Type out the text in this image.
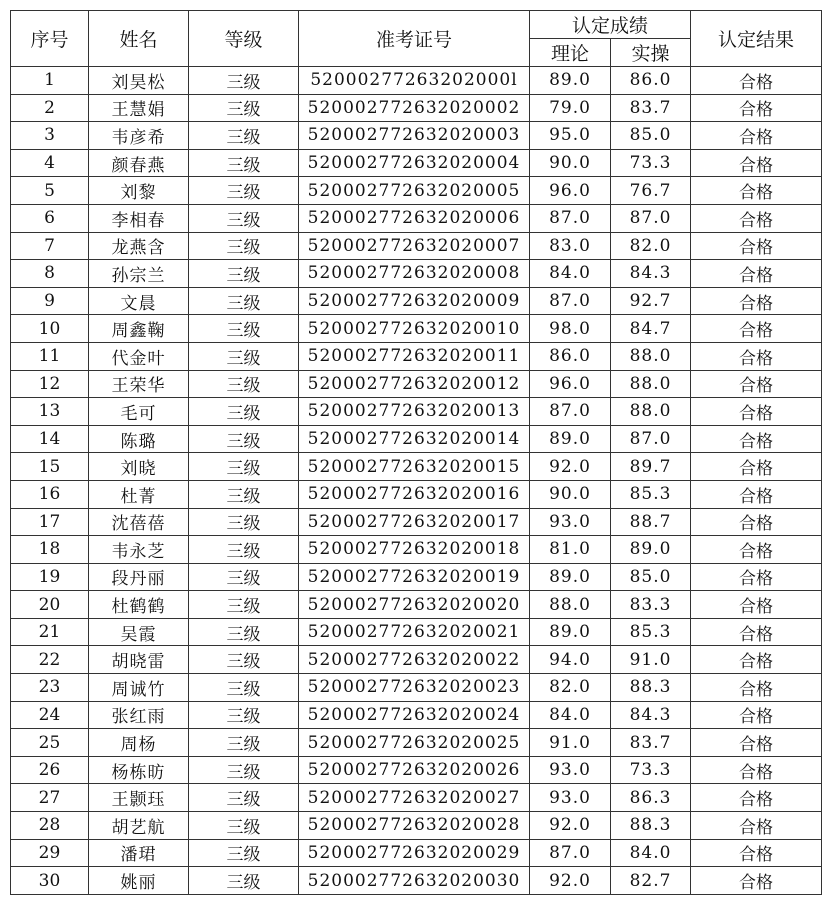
序号	姓名	等级	准考证号	认定成绩		认定结果
				理论	实操	
1	刘昊松	三级	52000277263202000l	89.0	86.0	合格
2	王慧娟	三级	520002772632020002	79.0	83.7	合格
3	韦彦希	三级	520002772632020003	95.0	85.0	合格
4	颜春燕	三级	520002772632020004	90.0	73.3	合格
5	刘黎	三级	520002772632020005	96.0	76.7	合格
6	李相春	三级	520002772632020006	87.0	87.0	合格
7	龙燕含	三级	520002772632020007	83.0	82.0	合格
8	孙宗兰	三级	520002772632020008	84.0	84.3	合格
9	文晨	三级	520002772632020009	87.0	92.7	合格
10	周鑫鞠	三级	520002772632020010	98.0	84.7	合格
11	代金叶	三级	520002772632020011	86.0	88.0	合格
12	王荣华	三级	520002772632020012	96.0	88.0	合格
13	毛可	三级	520002772632020013	87.0	88.0	合格
14	陈璐	三级	520002772632020014	89.0	87.0	合格
15	刘晓	三级	520002772632020015	92.0	89.7	合格
16	杜菁	三级	520002772632020016	90.0	85.3	合格
17	沈蓓蓓	三级	520002772632020017	93.0	88.7	合格
18	韦永芝	三级	520002772632020018	81.0	89.0	合格
19	段丹丽	三级	520002772632020019	89.0	85.0	合格
20	杜鹤鹤	三级	520002772632020020	88.0	83.3	合格
21	吴霞	三级	520002772632020021	89.0	85.3	合格
22	胡晓雷	三级	520002772632020022	94.0	91.0	合格
23	周诚竹	三级	520002772632020023	82.0	88.3	合格
24	张红雨	三级	520002772632020024	84.0	84.3	合格
25	周杨	三级	520002772632020025	91.0	83.7	合格
26	杨栋昉	三级	520002772632020026	93.0	73.3	合格
27	王颢珏	三级	520002772632020027	93.0	86.3	合格
28	胡艺航	三级	520002772632020028	92.0	88.3	合格
29	潘珺	三级	520002772632020029	87.0	84.0	合格
30	姚丽	三级	520002772632020030	92.0	82.7	合格
